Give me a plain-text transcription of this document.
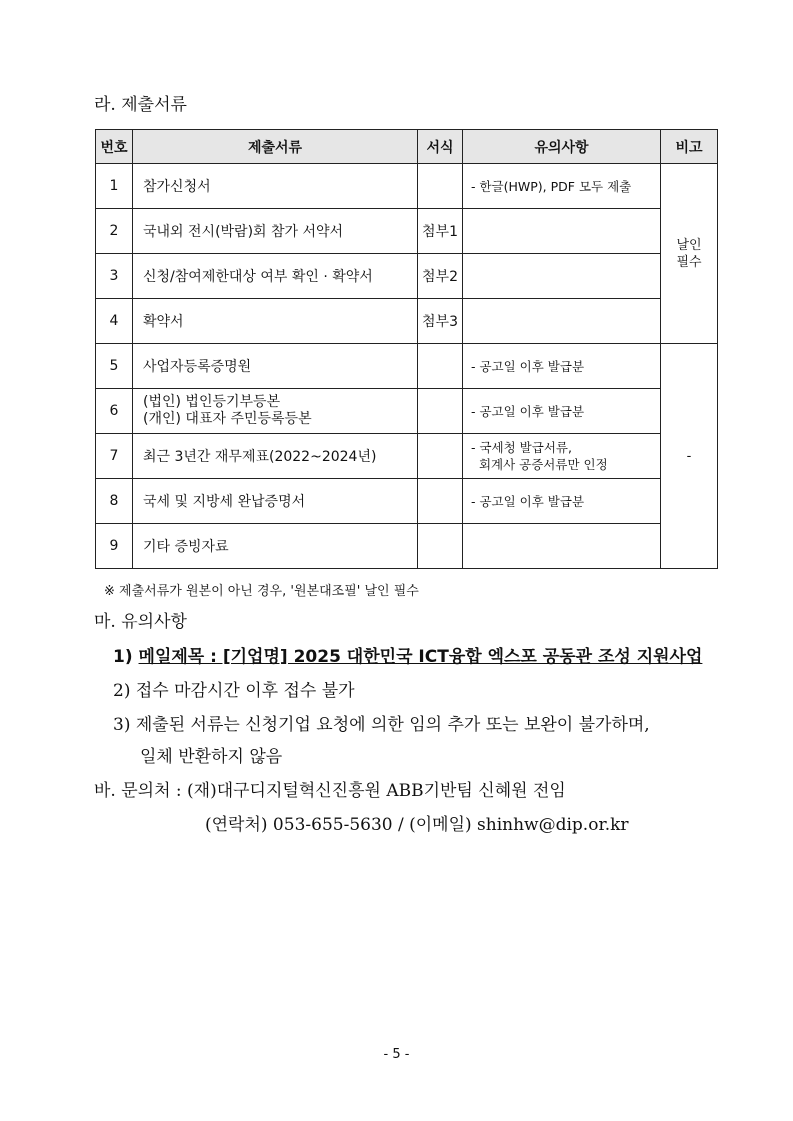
라. 제출서류
번호	제출서류	서식	유의사항	비고
1	참가신청서		- 한글(HWP), PDF 모두 제출	날인
필수

2	국내외 전시(박람)회 참가 서약서	첨부1		
3	신청/참여제한대상 여부 확인 · 확약서	첨부2		
4	확약서	첨부3		
5	사업자등록증명원		- 공고일 이후 발급분	-
6	(법인) 법인등기부등본
(개인) 대표자 주민등록등본		- 공고일 이후 발급분	
7	최근 3년간 재무제표(2022~2024년)		- 국세청 발급서류,
회계사 공증서류만 인정	

8	국세 및 지방세 완납증명서		- 공고일 이후 발급분	
9	기타 증빙자료			
※ 제출서류가 원본이 아닌 경우, '원본대조필' 날인 필수
마. 유의사항
1) 메일제목 : [기업명] 2025 대한민국 ICT융합 엑스포 공동관 조성 지원사업
2) 접수 마감시간 이후 접수 불가
3) 제출된 서류는 신청기업 요청에 의한 임의 추가 또는 보완이 불가하며,
일체 반환하지 않음
바. 문의처 : (재)대구디지털혁신진흥원 ABB기반팀 신혜원 전임
(연락처) 053-655-5630 / (이메일) shinhw@dip.or.kr
- 5 -
